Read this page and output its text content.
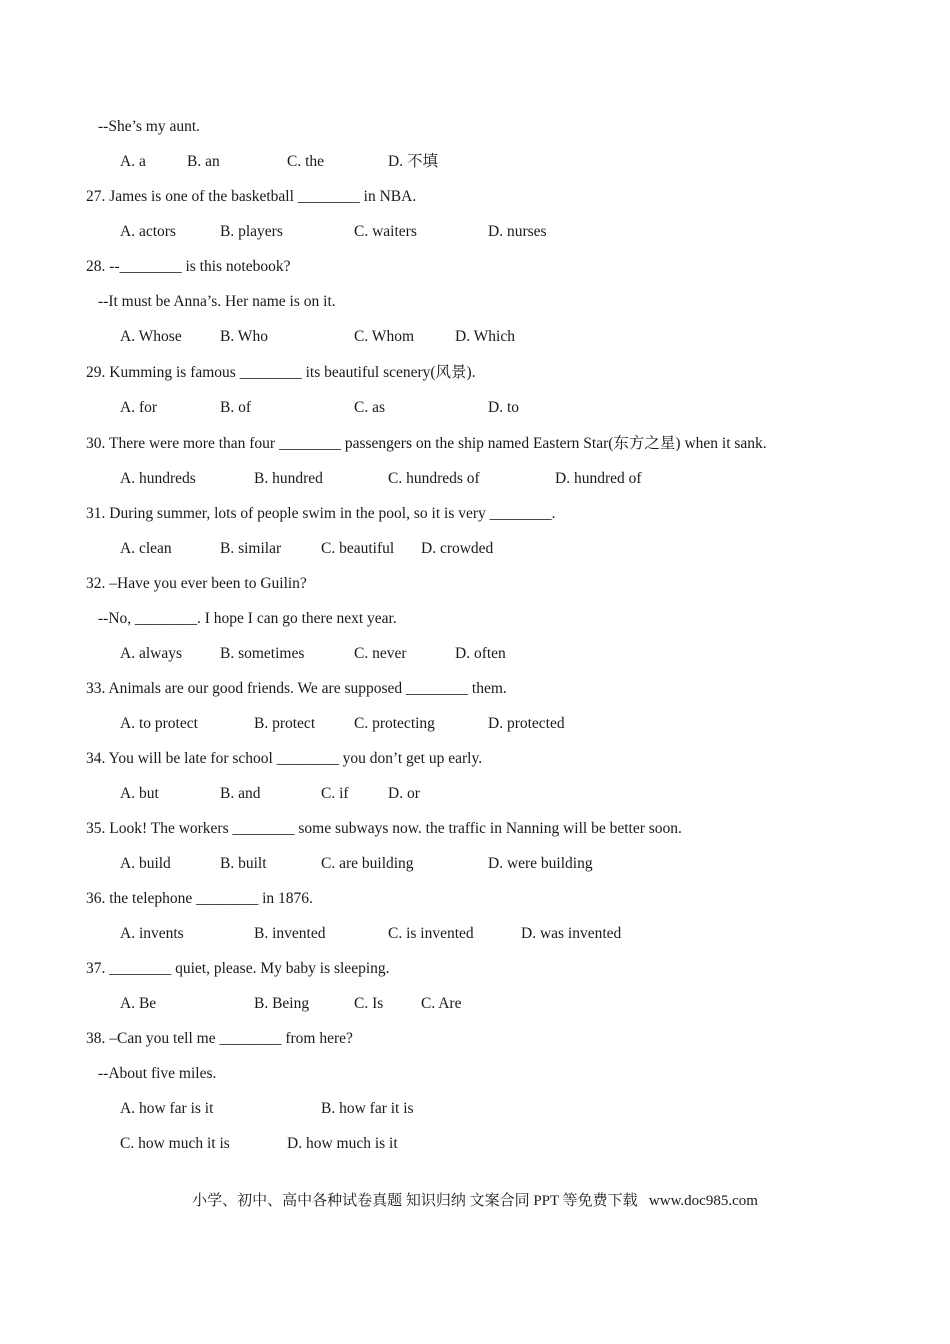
--She’s my aunt.
A. a	B. an	C. the	D. 不填
27. James is one of the basketball ________ in NBA.
A. actors	B. players	C. waiters	D. nurses
28. --________ is this notebook?
--It must be Anna’s. Her name is on it.
A. Whose B. Who	C. Whom	D. Which
29. Kumming is famous ________ its beautiful scenery(风景).
A. for	B. of	C. as	D. to
30. There were more than four ________ passengers on the ship named Eastern Star(东方之星) when it sank.
A. hundreds	B. hundred	C. hundreds of	D. hundred of
31. During summer, lots of people swim in the pool, so it is very ________.
A. clean	B. similar	C. beautiful D. crowded
32. –Have you ever been to Guilin?
--No, ________. I hope I can go there next year.
A. always B. sometimes	C. never	D. often
33. Animals are our good friends. We are supposed ________ them.
A. to protect	B. protect	C. protecting	D. protected
34. You will be late for school ________ you don’t get up early.
A. but	B. and	C. if	D. or
35. Look! The workers ________ some subways now. the traffic in Nanning will be better soon.
A. build	B. built	C. are building	D. were building
36. the telephone ________ in 1876.
A. invents	B. invented	C. is invented	D. was invented
37. ________ quiet, please. My baby is sleeping.
A. Be	B. Being	C. Is C. Are
38. –Can you tell me ________ from here?
--About five miles.
A. how far is it	B. how far it is
C. how much it is	D. how much is it
小学、初中、高中各种试卷真题 知识归纳 文案合同 PPT 等免费下载   www.doc985.com
